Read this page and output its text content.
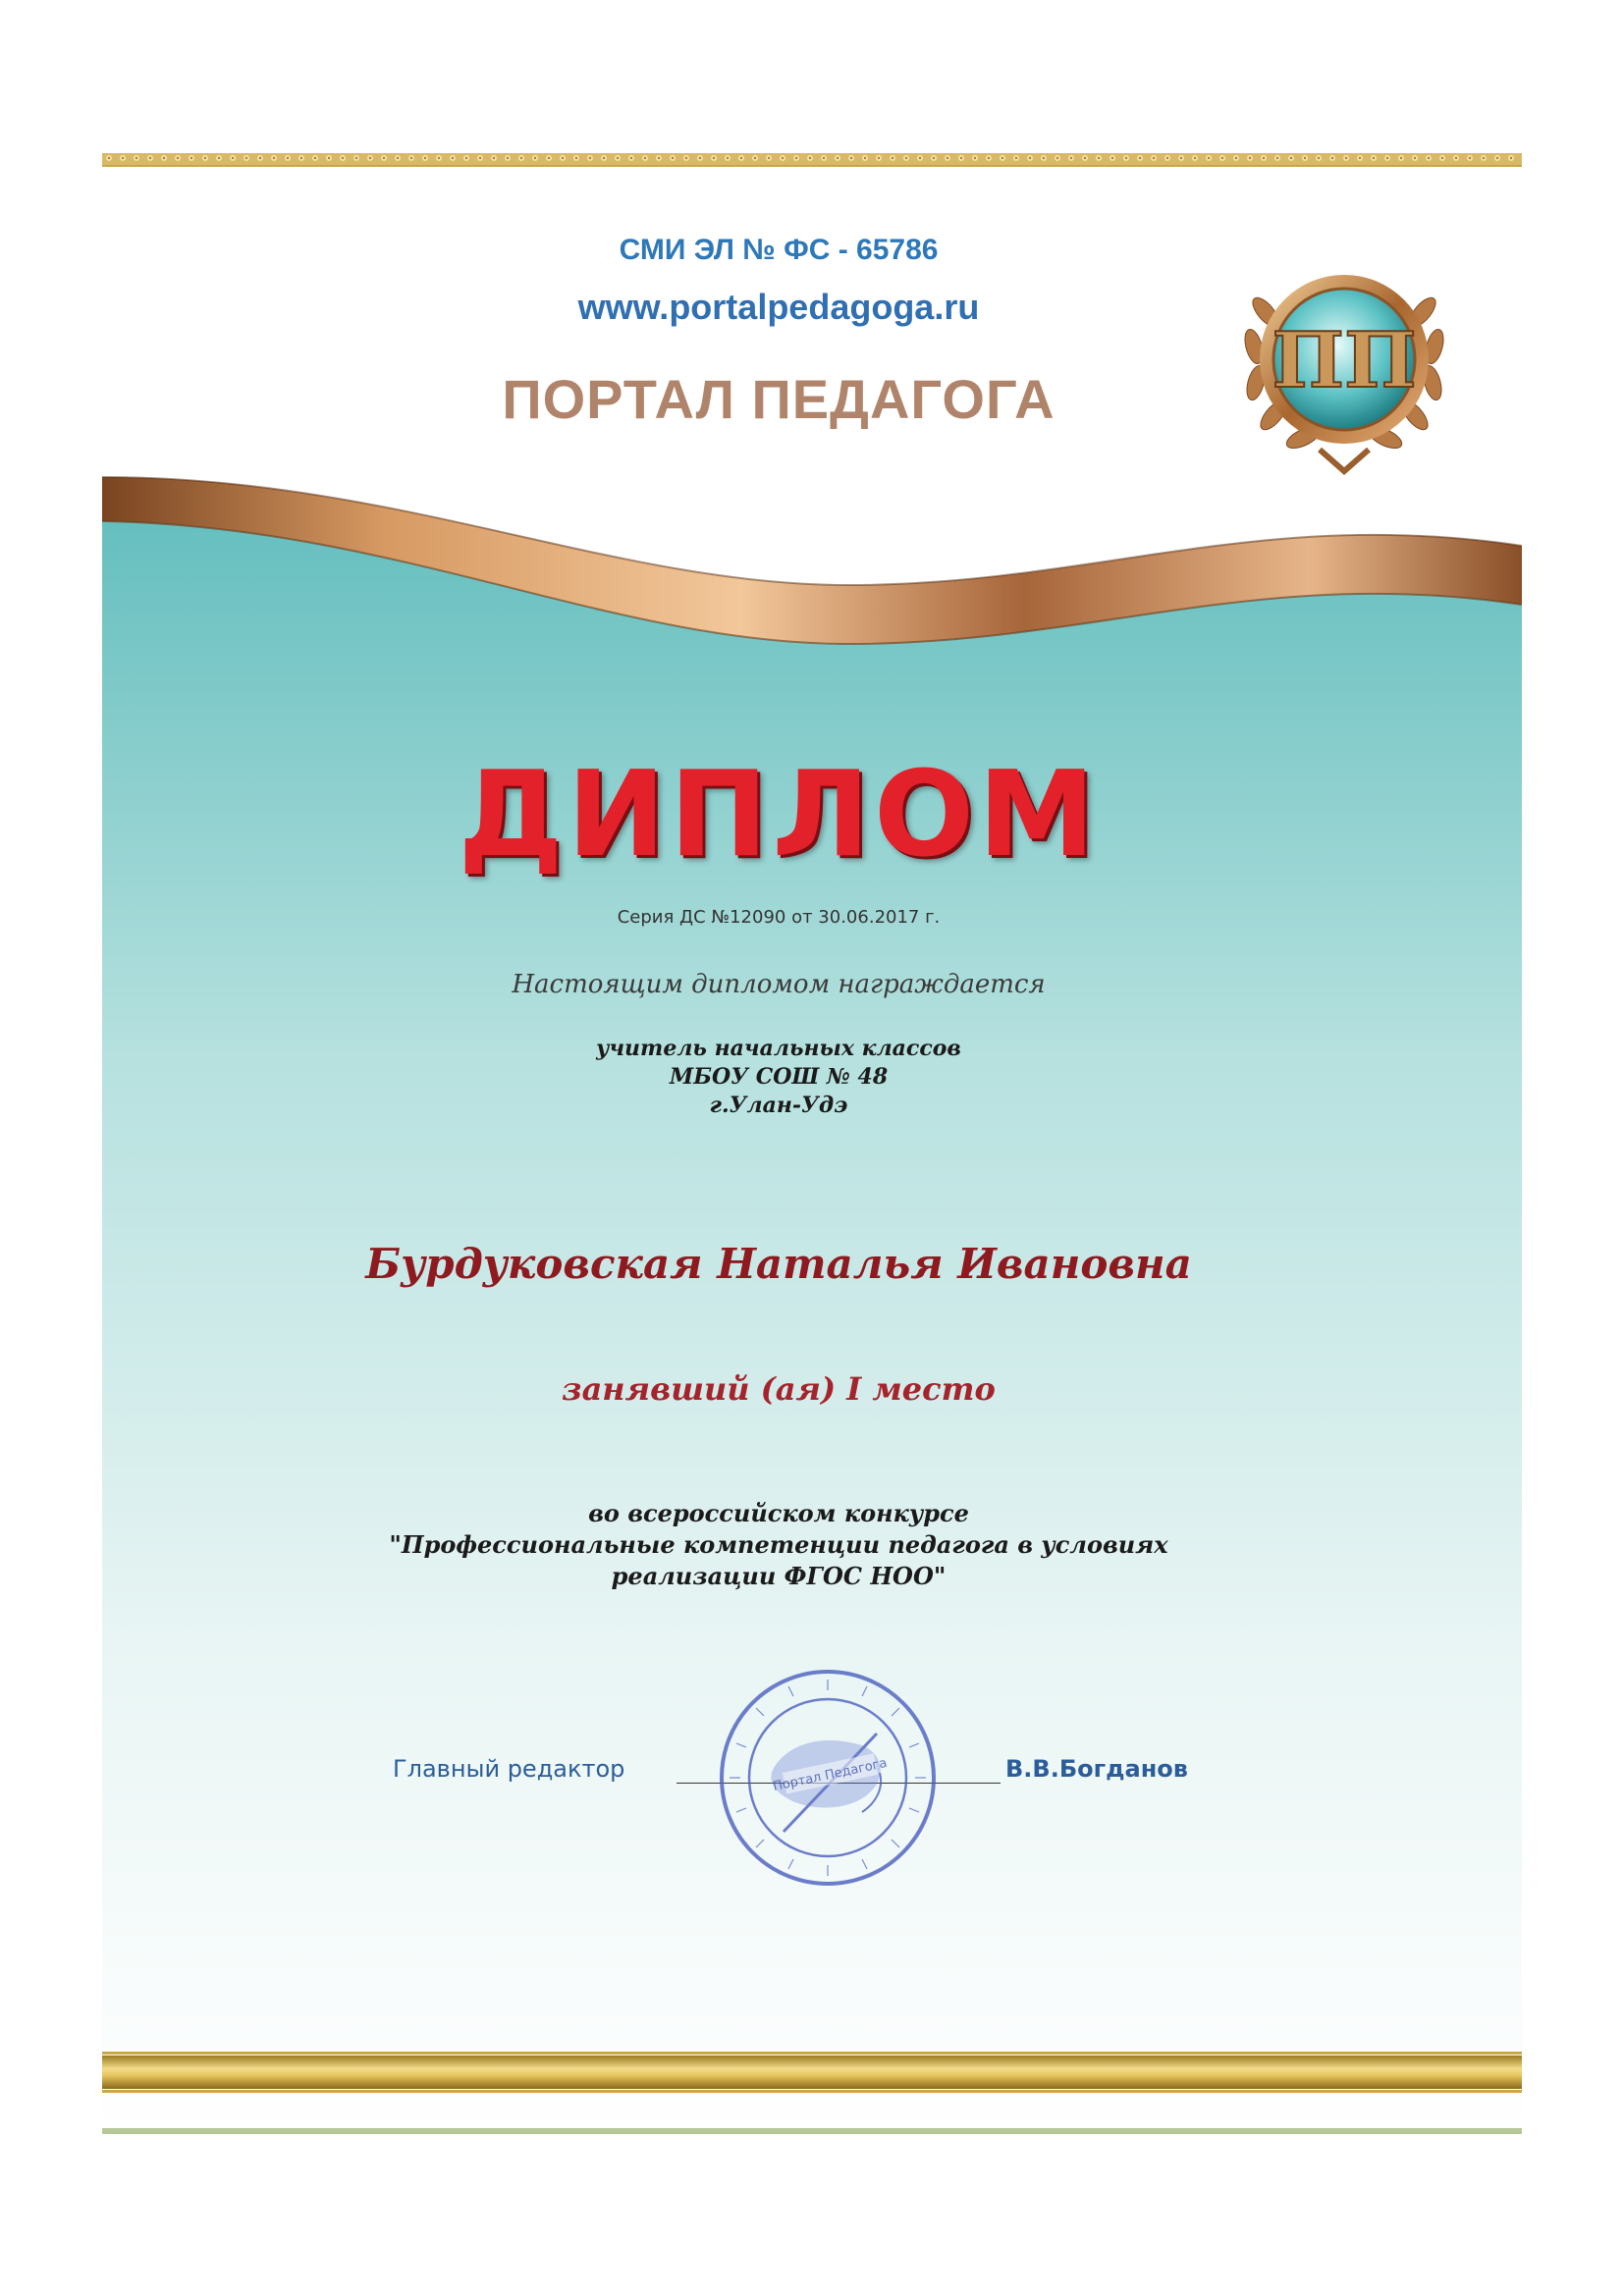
ПП
СМИ ЭЛ № ФС - 65786
www.portalpedagoga.ru
ПОРТАЛ ПЕДАГОГА
ДИПЛОМ
Серия ДС №12090 от 30.06.2017 г.
Настоящим дипломом награждается
учитель начальных классов
МБОУ СОШ № 48
г.Улан-Удэ
Бурдуковская Наталья Ивановна
занявший (ая) I место
во всероссийском конкурсе
"Профессиональные компетенции педагога в условиях
реализации ФГОС НОО"
Главный редактор	В.В.Богданов
Портал Педагога
